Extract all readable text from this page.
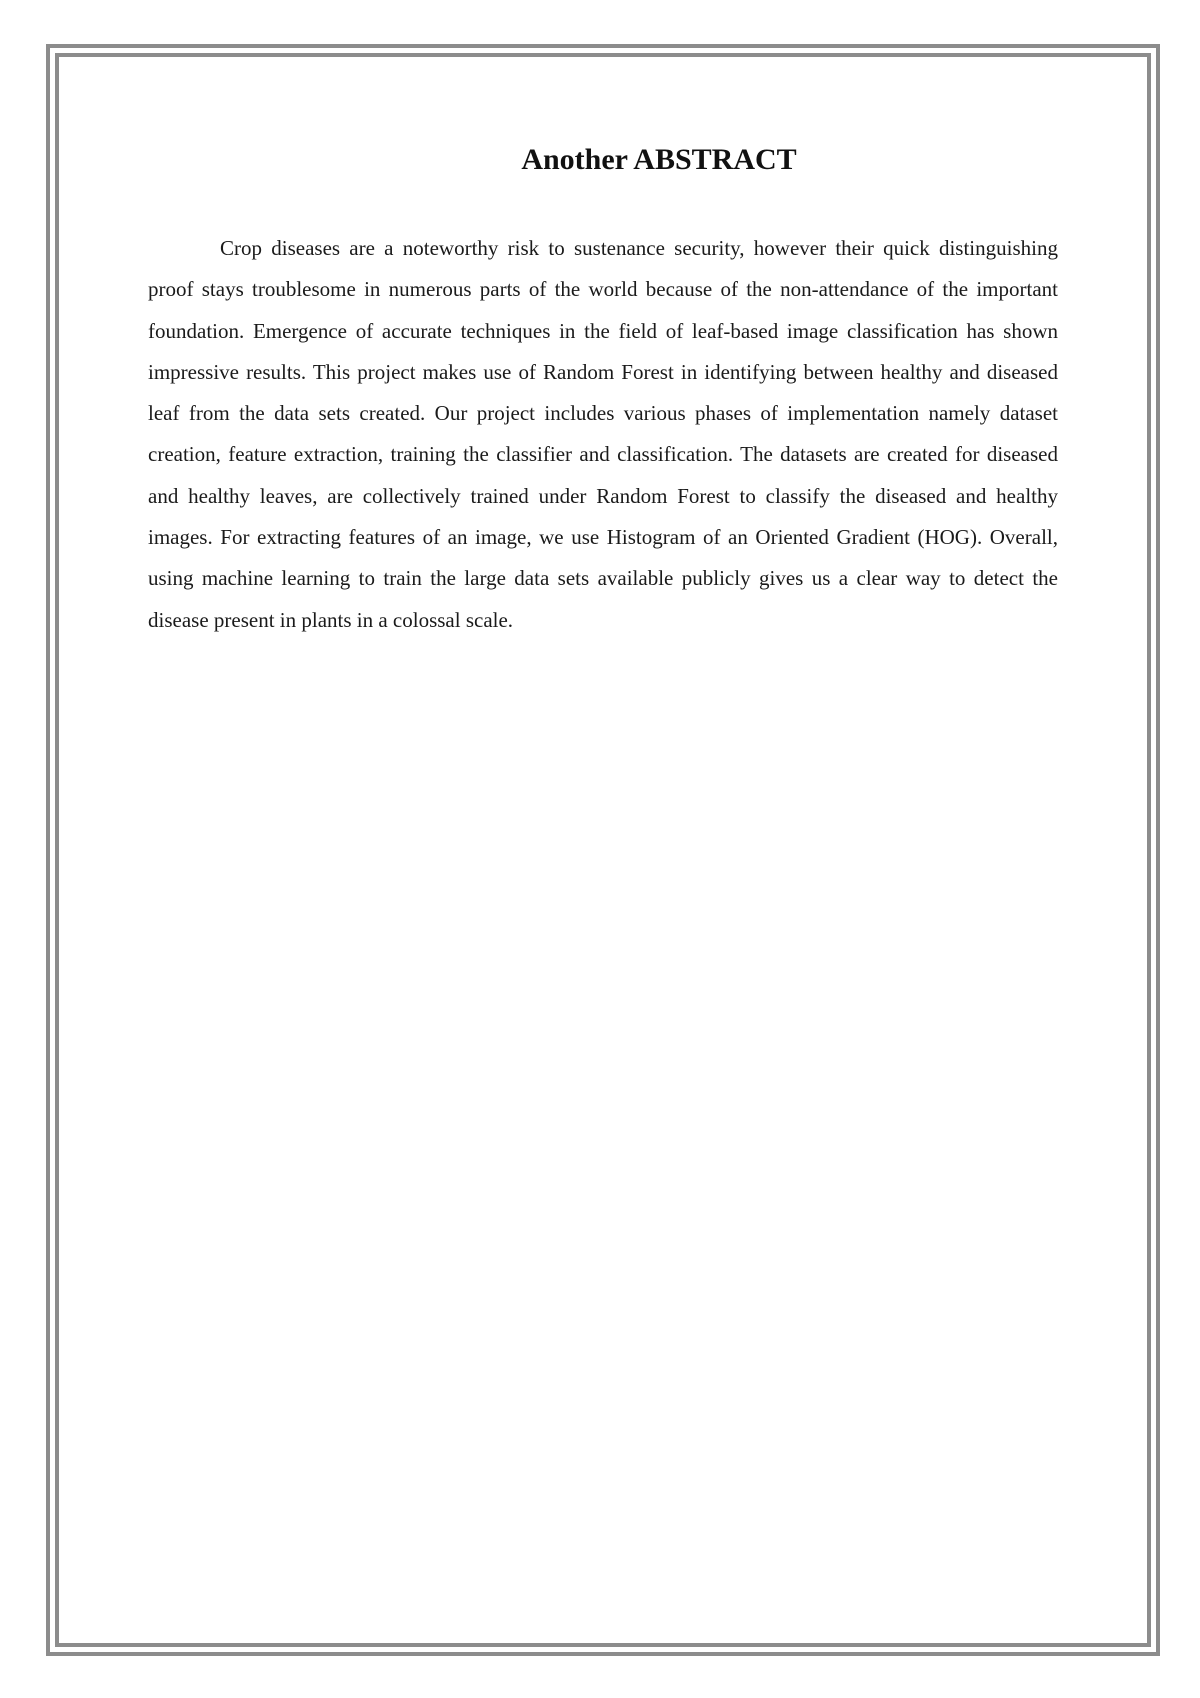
Another ABSTRACT

Crop diseases are a noteworthy risk to sustenance security, however their quick distinguishing proof stays troublesome in numerous parts of the world because of the non-attendance of the important foundation. Emergence of accurate techniques in the field of leaf-based image classification has shown impressive results. This project makes use of Random Forest in identifying between healthy and diseased leaf from the data sets created. Our project includes various phases of implementation namely dataset creation, feature extraction, training the classifier and classification. The datasets are created for diseased and healthy leaves, are collectively trained under Random Forest to classify the diseased and healthy images. For extracting features of an image, we use Histogram of an Oriented Gradient (HOG). Overall, using machine learning to train the large data sets available publicly gives us a clear way to detect the disease present in plants in a colossal scale.
